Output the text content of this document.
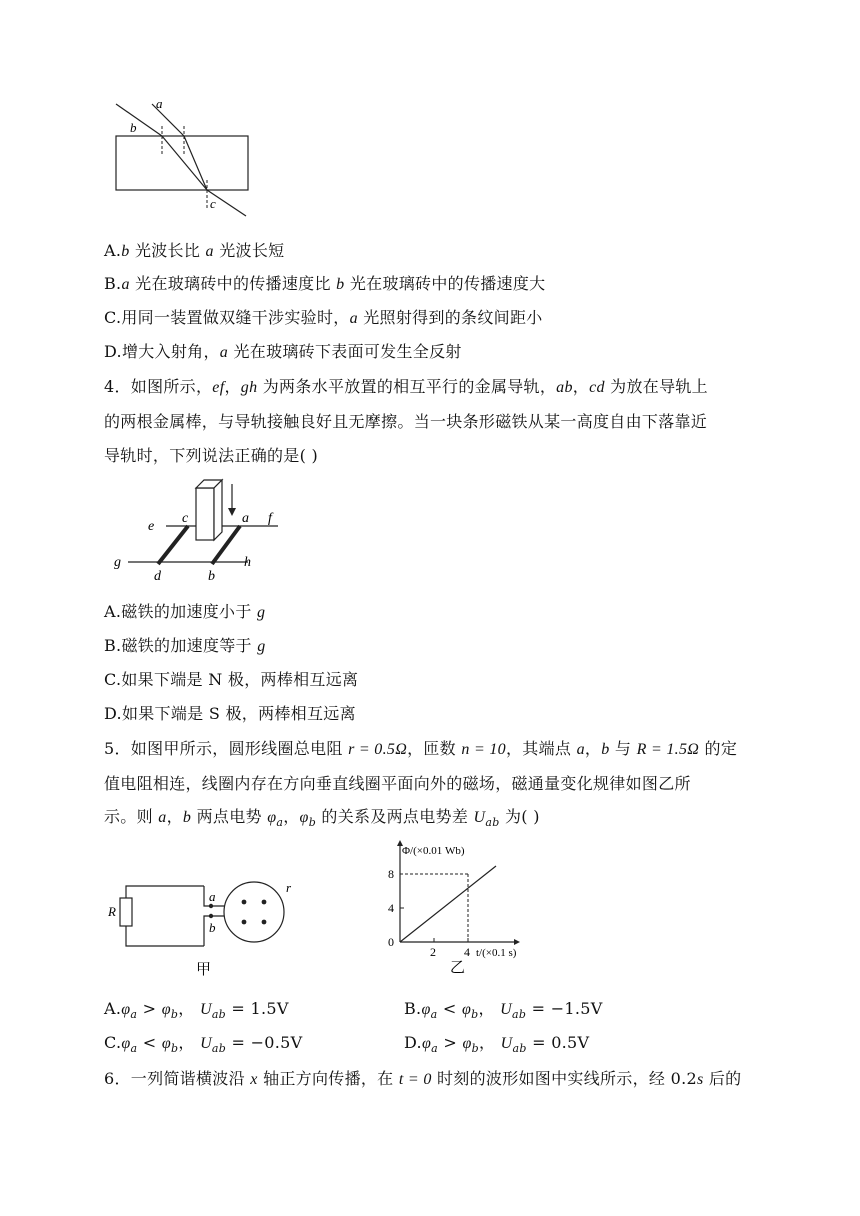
a
b
c
A.b 光波长比 a 光波长短
B.a 光在玻璃砖中的传播速度比 b 光在玻璃砖中的传播速度大
C.用同一装置做双缝干涉实验时，a 光照射得到的条纹间距小
D.增大入射角，a 光在玻璃砖下表面可发生全反射
4．如图所示，ef，gh 为两条水平放置的相互平行的金属导轨，ab，cd 为放在导轨上
的两根金属棒，与导轨接触良好且无摩擦。当一块条形磁铁从某一高度自由下落靠近
导轨时，下列说法正确的是( )
e
c	a f
g
d	b
h
A.磁铁的加速度小于 g
B.磁铁的加速度等于 g
C.如果下端是 N 极，两棒相互远离
D.如果下端是 S 极，两棒相互远离
5．如图甲所示，圆形线圈总电阻 r = 0.5Ω，匝数 n = 10，其端点 a，b 与 R = 1.5Ω 的定
值电阻相连，线圈内存在方向垂直线圈平面向外的磁场，磁通量变化规律如图乙所
示。则 a，b 两点电势 $\varphi_a$，$\varphi_b$ 的关系及两点电势差 $U_{ab}$ 为( )
R
a
b
r
甲
Φ/(×0.01 Wb)
8
4
0
2 4 t/(×0.1 s)
乙
$A.\varphi_a > \varphi_b$， $U_{ab} = 1.5V$	$B.\varphi_a < \varphi_b$， $U_{ab} = -1.5V$
$C.\varphi_a < \varphi_b$， $U_{ab} = -0.5V$	$D.\varphi_a > \varphi_b$， $U_{ab} = 0.5V$
6．一列简谐横波沿 x 轴正方向传播，在 t = 0 时刻的波形如图中实线所示，经 0.2s 后的
